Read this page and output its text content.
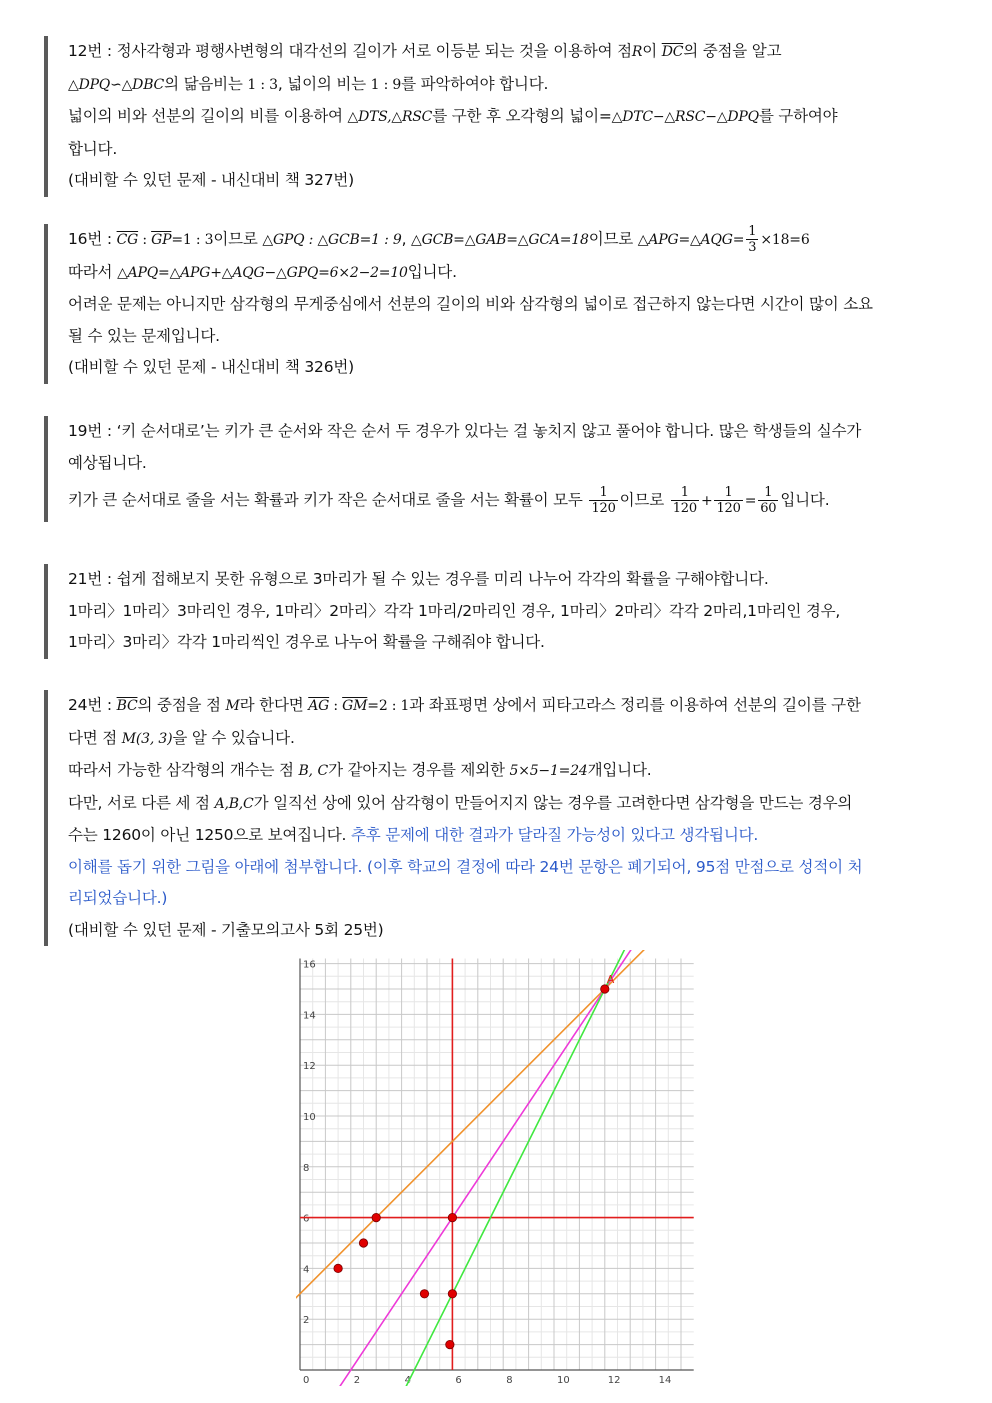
12번 : 정사각형과 평행사변형의 대각선의 길이가 서로 이등분 되는 것을 이용하여 점R이 $\overline{DC}$의 중점을 알고
△DPQ∽△DBC의 닮음비는 1 : 3, 넓이의 비는 1 : 9를 파악하여야 합니다.
넓이의 비와 선분의 길이의 비를 이용하여 △DTS,△RSC를 구한 후 오각형의 넓이=△DTC−△RSC−△DPQ를 구하여야
합니다.
(대비할 수 있던 문제 - 내신대비 책 327번)
16번 : $\overline{CG}$ : $\overline{GP}=1$ : 3이므로 △GPQ : △GCB=1 : 9, △GCB=△GAB=△GCA=18이므로 △APG=△AQG= $\frac{1}{3} \times 18=6$
따라서 △APQ=△APG+△AQG−△GPQ=6×2−2=10입니다.
어려운 문제는 아니지만 삼각형의 무게중심에서 선분의 길이의 비와 삼각형의 넓이로 접근하지 않는다면 시간이 많이 소요
될 수 있는 문제입니다.
(대비할 수 있던 문제 - 내신대비 책 326번)
19번 : ‘키 순서대로’는 키가 큰 순서와 작은 순서 두 경우가 있다는 걸 놓치지 않고 풀어야 합니다. 많은 학생들의 실수가
예상됩니다.
키가 큰 순서대로 줄을 서는 확률과 키가 작은 순서대로 줄을 서는 확률이 모두 $\frac{1}{120}$ 이므로 $\frac{1}{120} + \frac{1}{120} = \frac{1}{60}$ 입니다.
21번 : 쉽게 접해보지 못한 유형으로 3마리가 될 수 있는 경우를 미리 나누어 각각의 확률을 구해야합니다.
1마리〉1마리〉3마리인 경우, 1마리〉2마리〉각각 1마리/2마리인 경우, 1마리〉2마리〉각각 2마리,1마리인 경우,
1마리〉3마리〉각각 1마리씩인 경우로 나누어 확률을 구해줘야 합니다.
24번 : $\overline{BC}$의 중점을 점 M라 한다면 $\overline{AG}$ : $\overline{GM}=2$ : 1과 좌표평면 상에서 피타고라스 정리를 이용하여 선분의 길이를 구한
다면 점 M(3, 3)을 알 수 있습니다.
따라서 가능한 삼각형의 개수는 점 B, C가 같아지는 경우를 제외한 5×5−1=24개입니다.
다만, 서로 다른 세 점 A,B,C가 일직선 상에 있어 삼각형이 만들어지지 않는 경우를 고려한다면 삼각형을 만드는 경우의
수는 1260이 아닌 1250으로 보여집니다. 추후 문제에 대한 결과가 달라질 가능성이 있다고 생각됩니다.
이해를 돕기 위한 그림을 아래에 첨부합니다. (이후 학교의 결정에 따라 24번 문항은 폐기되어, 95점 만점으로 성적이 처
리되었습니다.)
(대비할 수 있던 문제 - 기출모의고사 5회 25번)
0	2	4	6	8	10	12	14
2
4
6
8
10
12
14
16
A
